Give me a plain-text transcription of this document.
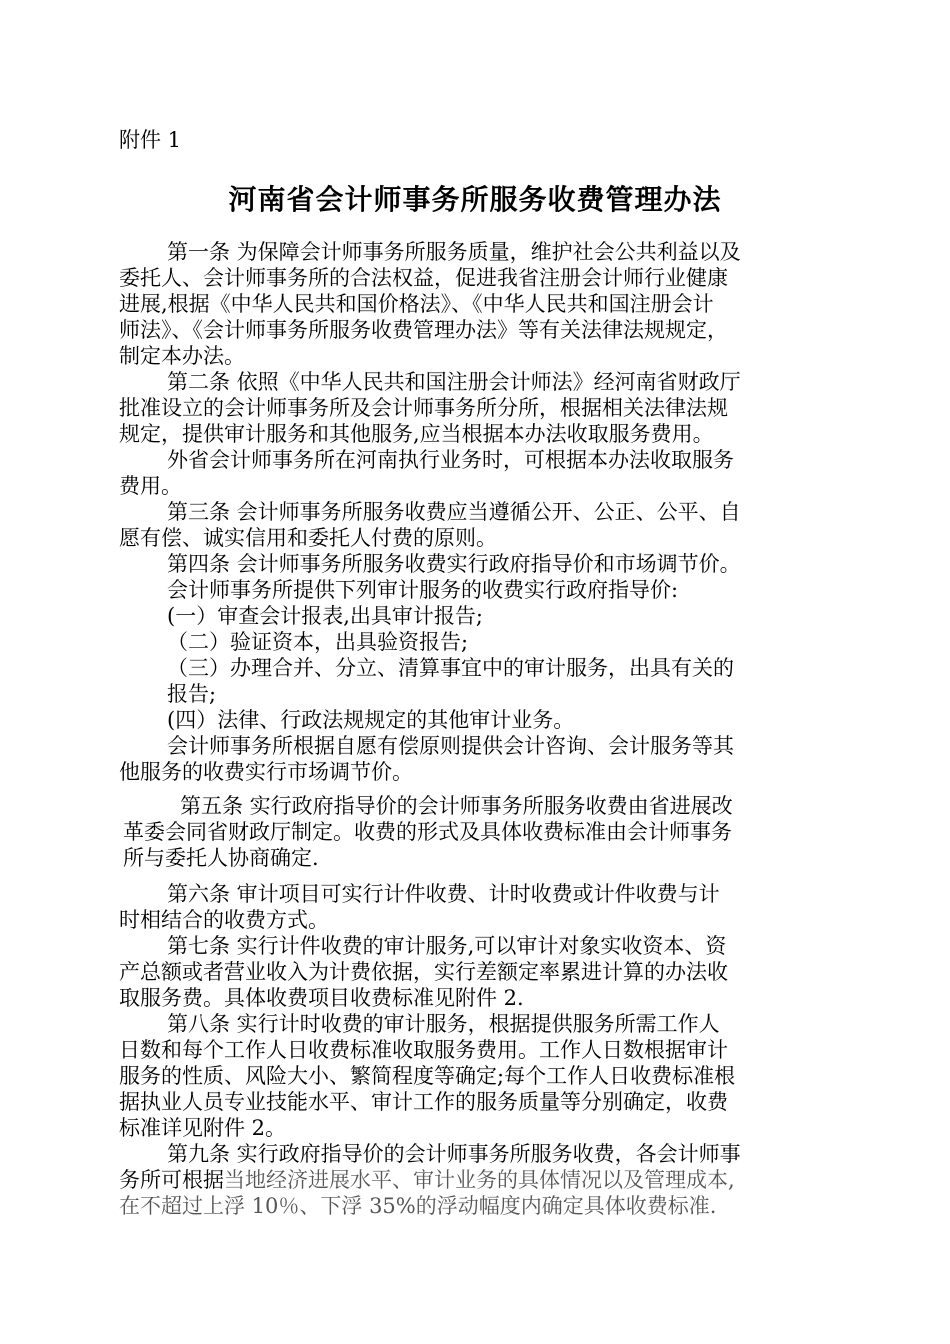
附件 1
河南省会计师事务所服务收费管理办法
第一条 为保障会计师事务所服务质量，维护社会公共利益以及
委托人、会计师事务所的合法权益，促进我省注册会计师行业健康
进展,根据《中华人民共和国价格法》、《中华人民共和国注册会计
师法》、《会计师事务所服务收费管理办法》等有关法律法规规定，
制定本办法。
第二条 依照《中华人民共和国注册会计师法》经河南省财政厅
批准设立的会计师事务所及会计师事务所分所，根据相关法律法规
规定，提供审计服务和其他服务,应当根据本办法收取服务费用。
外省会计师事务所在河南执行业务时，可根据本办法收取服务
费用。
第三条 会计师事务所服务收费应当遵循公开、公正、公平、自
愿有偿、诚实信用和委托人付费的原则。
第四条 会计师事务所服务收费实行政府指导价和市场调节价。
会计师事务所提供下列审计服务的收费实行政府指导价:
(一）审查会计报表,出具审计报告;
（二）验证资本，出具验资报告;
（三）办理合并、分立、清算事宜中的审计服务，出具有关的
报告;
(四）法律、行政法规规定的其他审计业务。
会计师事务所根据自愿有偿原则提供会计咨询、会计服务等其
他服务的收费实行市场调节价。
第五条 实行政府指导价的会计师事务所服务收费由省进展改
革委会同省财政厅制定。收费的形式及具体收费标准由会计师事务
所与委托人协商确定.
第六条 审计项目可实行计件收费、计时收费或计件收费与计
时相结合的收费方式。
第七条 实行计件收费的审计服务,可以审计对象实收资本、资
产总额或者营业收入为计费依据，实行差额定率累进计算的办法收
取服务费。具体收费项目收费标准见附件 2.
第八条 实行计时收费的审计服务，根据提供服务所需工作人
日数和每个工作人日收费标准收取服务费用。工作人日数根据审计
服务的性质、风险大小、繁简程度等确定;每个工作人日收费标准根
据执业人员专业技能水平、审计工作的服务质量等分别确定，收费
标准详见附件 2。
第九条 实行政府指导价的会计师事务所服务收费，各会计师事
务所可根据当地经济进展水平、审计业务的具体情况以及管理成本,
在不超过上浮 10％、下浮 35%的浮动幅度内确定具体收费标准.
